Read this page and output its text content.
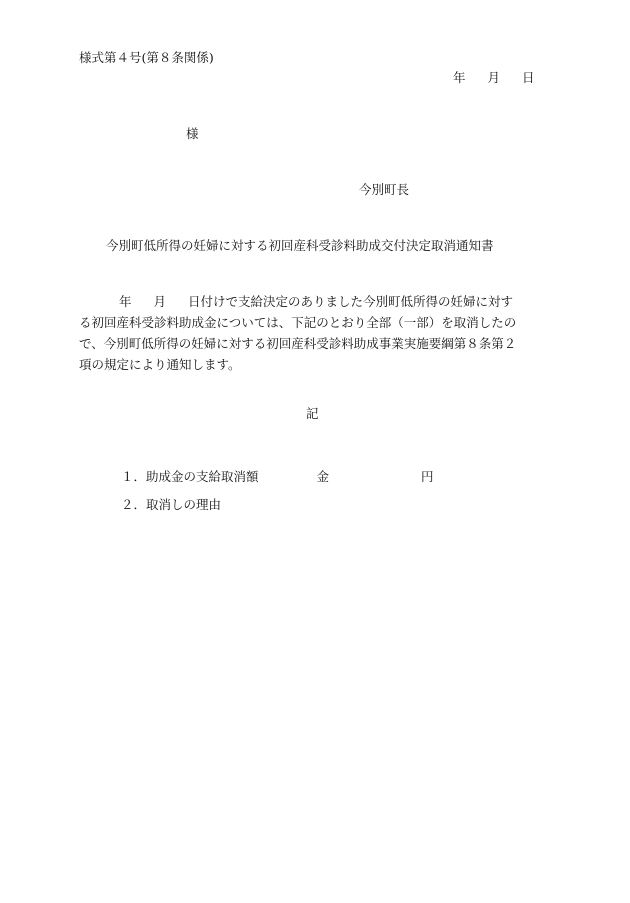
様式第４号(第８条関係)
年 月 日
様
今別町長
今別町低所得の妊婦に対する初回産科受診料助成交付決定取消通知書
年 月 日付けで支給決定のありました今別町低所得の妊婦に対す
る初回産科受診料助成金については、下記のとおり全部（一部）を取消したの
で、今別町低所得の妊婦に対する初回産科受診料助成事業実施要綱第８条第２
項の規定により通知します。
記
１．助成金の支給取消額	金	円
２．取消しの理由
